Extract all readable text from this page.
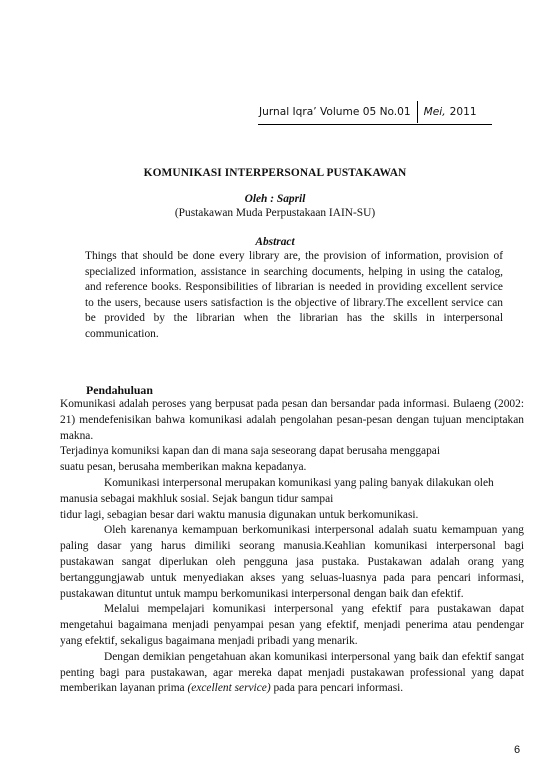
Jurnal Iqra’ Volume 05 No.01	Mei, 2011
KOMUNIKASI INTERPERSONAL PUSTAKAWAN
Oleh : Sapril
(Pustakawan Muda Perpustakaan IAIN-SU)
Abstract

Things that should be done every library are, the provision of information, provision of specialized information, assistance in searching documents, helping in using the catalog, and reference books. Responsibilities of librarian is needed in providing excellent service to the users, because users satisfaction is the objective of library.The excellent service can be provided by the librarian when the librarian has the skills in interpersonal communication.

Pendahuluan

Komunikasi adalah peroses yang berpusat pada pesan dan bersandar pada informasi. Bulaeng (2002: 21) mendefenisikan bahwa komunikasi adalah pengolahan pesan-pesan dengan tujuan menciptakan makna.

Terjadinya komuniksi kapan dan di mana saja seseorang dapat berusaha menggapai

suatu pesan, berusaha memberikan makna kepadanya.

Komunikasi interpersonal merupakan komunikasi yang paling banyak dilakukan oleh

manusia sebagai makhluk sosial. Sejak bangun tidur sampai

tidur lagi, sebagian besar dari waktu manusia digunakan untuk berkomunikasi.

Oleh karenanya kemampuan berkomunikasi interpersonal adalah suatu kemampuan yang paling dasar yang harus dimiliki seorang manusia.Keahlian komunikasi interpersonal bagi pustakawan sangat diperlukan oleh pengguna jasa pustaka. Pustakawan adalah orang yang bertanggungjawab untuk menyediakan akses yang seluas-luasnya pada para pencari informasi, pustakawan dituntut untuk mampu berkomunikasi interpersonal dengan baik dan efektif.

Melalui mempelajari komunikasi interpersonal yang efektif para pustakawan dapat mengetahui bagaimana menjadi penyampai pesan yang efektif, menjadi penerima atau pendengar yang efektif, sekaligus bagaimana menjadi pribadi yang menarik.

Dengan demikian pengetahuan akan komunikasi interpersonal yang baik dan efektif sangat penting bagi para pustakawan, agar mereka dapat menjadi pustakawan professional yang dapat memberikan layanan prima (excellent service) pada para pencari informasi.

6
